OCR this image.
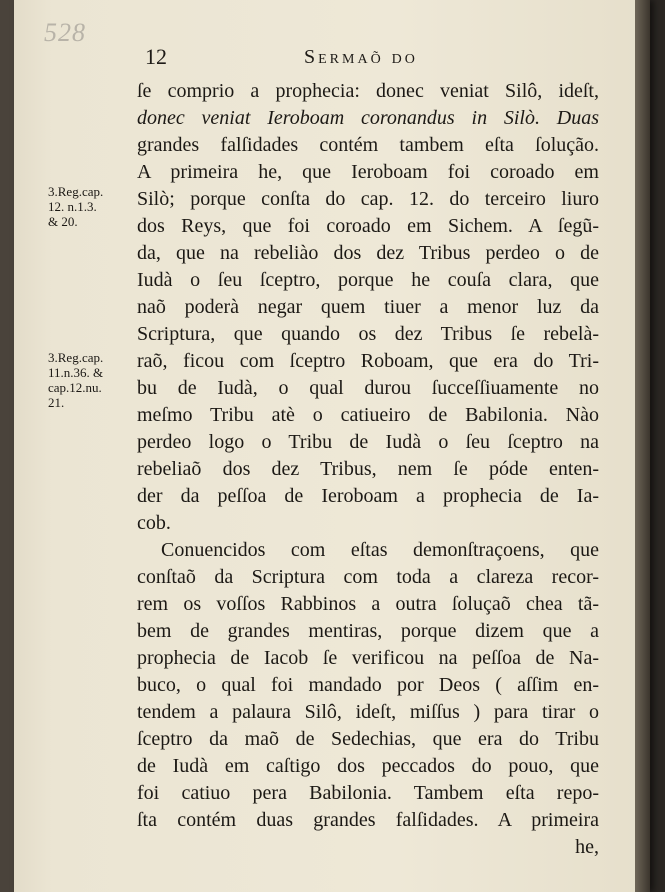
528
12	Sermaõ do
3.Reg.cap.
12. n.1.3.
& 20.
3.Reg.cap.
11.n.36. &
cap.12.nu.
21.
ſe comprio a prophecia: donec veniat Silô, ideſt,
donec veniat Ieroboam coronandus in Silò. Duas
grandes falſidades contém tambem eſta ſolução.
A primeira he, que Ieroboam foi coroado em
Silò; porque conſta do cap. 12. do terceiro liuro
dos Reys, que foi coroado em Sichem. A ſegũ-
da, que na rebeliào dos dez Tribus perdeo o de
Iudà o ſeu ſceptro, porque he couſa clara, que
naõ poderà negar quem tiuer a menor luz da
Scriptura, que quando os dez Tribus ſe rebelà-
raõ, ficou com ſceptro Roboam, que era do Tri-
bu de Iudà, o qual durou ſucceſſiuamente no
meſmo Tribu atè o catiueiro de Babilonia. Nào
perdeo logo o Tribu de Iudà o ſeu ſceptro na
rebeliaõ dos dez Tribus, nem ſe póde enten-
der da peſſoa de Ieroboam a prophecia de Ia-
cob.
Conuencidos com eſtas demonſtraçoens, que
conſtaõ da Scriptura com toda a clareza recor-
rem os voſſos Rabbinos a outra ſoluçaõ chea tã-
bem de grandes mentiras, porque dizem que a
prophecia de Iacob ſe verificou na peſſoa de Na-
buco, o qual foi mandado por Deos ( aſſim en-
tendem a palaura Silô, ideſt, miſſus ) para tirar o
ſceptro da maõ de Sedechias, que era do Tribu
de Iudà em caſtigo dos peccados do pouo, que
foi catiuo pera Babilonia. Tambem eſta repo-
ſta contém duas grandes falſidades. A primeira
he,
